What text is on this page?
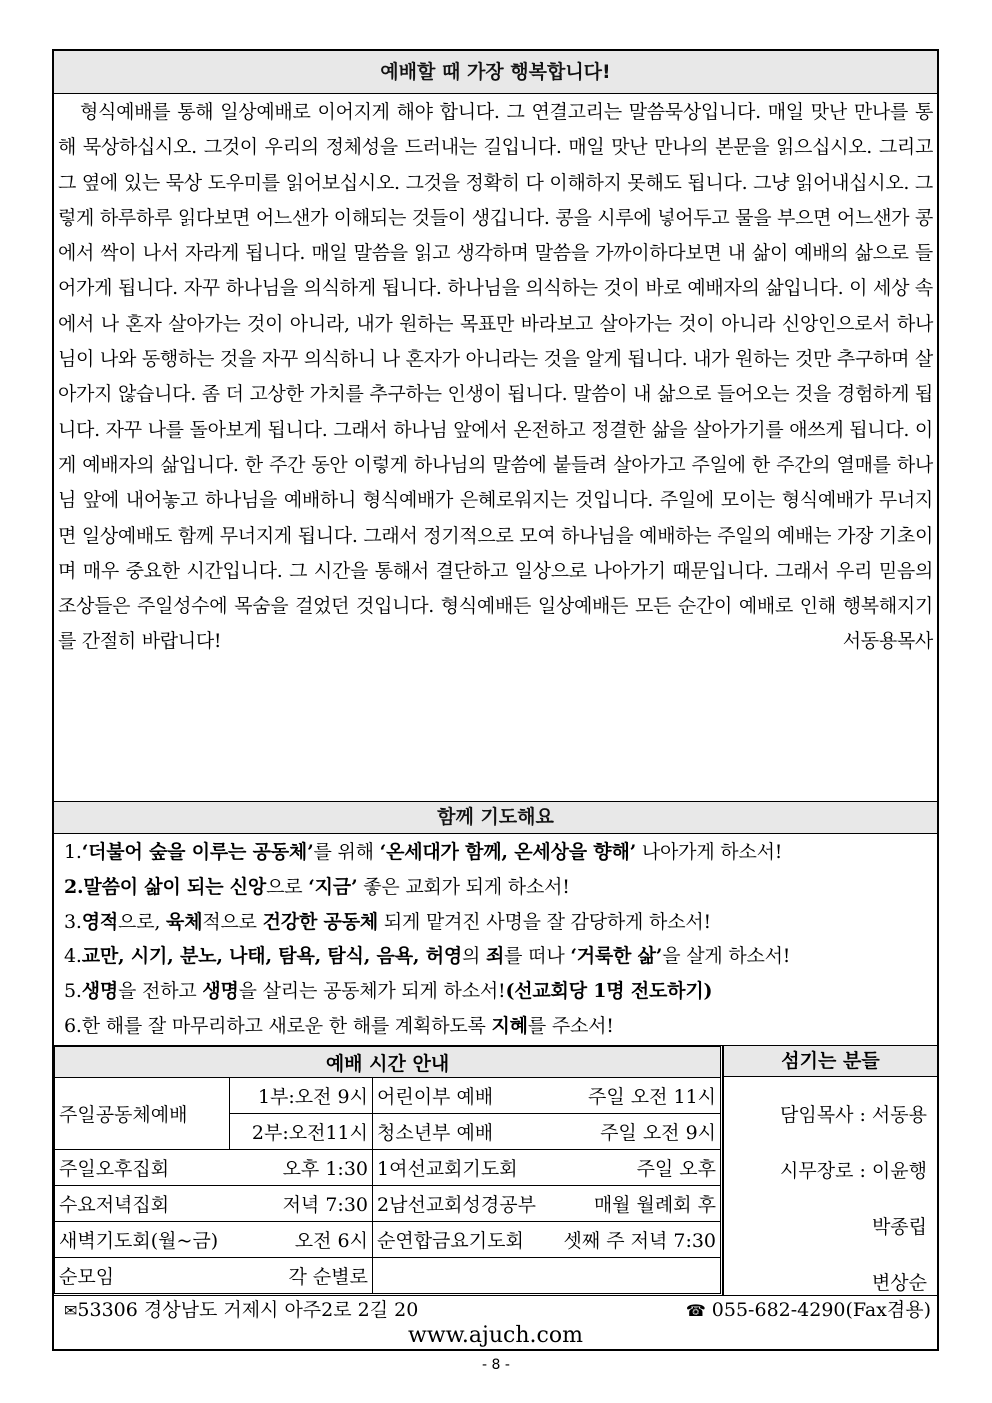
예배할 때 가장 행복합니다!

형식예배를 통해 일상예배로 이어지게 해야 합니다. 그 연결고리는 말씀묵상입니다. 매일 맛난 만나를 통해 묵상하십시오. 그것이 우리의 정체성을 드러내는 길입니다. 매일 맛난 만나의 본문을 읽으십시오. 그리고 그 옆에 있는 묵상 도우미를 읽어보십시오. 그것을 정확히 다 이해하지 못해도 됩니다. 그냥 읽어내십시오. 그렇게 하루하루 읽다보면 어느샌가 이해되는 것들이 생깁니다. 콩을 시루에 넣어두고 물을 부으면 어느샌가 콩에서 싹이 나서 자라게 됩니다. 매일 말씀을 읽고 생각하며 말씀을 가까이하다보면 내 삶이 예배의 삶으로 들어가게 됩니다. 자꾸 하나님을 의식하게 됩니다. 하나님을 의식하는 것이 바로 예배자의 삶입니다. 이 세상 속에서 나 혼자 살아가는 것이 아니라, 내가 원하는 목표만 바라보고 살아가는 것이 아니라 신앙인으로서 하나님이 나와 동행하는 것을 자꾸 의식하니 나 혼자가 아니라는 것을 알게 됩니다. 내가 원하는 것만 추구하며 살아가지 않습니다. 좀 더 고상한 가치를 추구하는 인생이 됩니다. 말씀이 내 삶으로 들어오는 것을 경험하게 됩니다. 자꾸 나를 돌아보게 됩니다. 그래서 하나님 앞에서 온전하고 정결한 삶을 살아가기를 애쓰게 됩니다. 이게 예배자의 삶입니다. 한 주간 동안 이렇게 하나님의 말씀에 붙들려 살아가고 주일에 한 주간의 열매를 하나님 앞에 내어놓고 하나님을 예배하니 형식예배가 은혜로워지는 것입니다. 주일에 모이는 형식예배가 무너지면 일상예배도 함께 무너지게 됩니다. 그래서 정기적으로 모여 하나님을 예배하는 주일의 예배는 가장 기초이며 매우 중요한 시간입니다. 그 시간을 통해서 결단하고 일상으로 나아가기 때문입니다. 그래서 우리 믿음의 조상들은 주일성수에 목숨을 걸었던 것입니다. 형식예배든 일상예배든 모든 순간이 예배로 인해 행복해지기를 간절히 바랍니다!	서동용목사

함께 기도해요
1.‘더불어 숲을 이루는 공동체’를 위해 ‘온세대가 함께, 온세상을 향해’ 나아가게 하소서!
2.말씀이 삶이 되는 신앙으로 ‘지금’ 좋은 교회가 되게 하소서!
3.영적으로, 육체적으로 건강한 공동체 되게 맡겨진 사명을 잘 감당하게 하소서!
4.교만, 시기, 분노, 나태, 탐욕, 탐식, 음욕, 허영의 죄를 떠나 ‘거룩한 삶’을 살게 하소서!
5.생명을 전하고 생명을 살리는 공동체가 되게 하소서!(선교회당 1명 전도하기)
6.한 해를 잘 마무리하고 새로운 한 해를 계획하도록 지혜를 주소서!
예배 시간 안내		
주일공동체예배	1부:오전 9시	어린이부 예배 주일 오전 11시

	2부:오전11시	청소년부 예배 주일 오전 9시

주일오후집회 오후 1:30		1여선교회기도회 주일 오후

수요저녁집회 저녁 7:30		2남선교회성경공부 매월 월례회 후

새벽기도회(월~금) 오전 6시		순연합금요기도회 셋째 주 저녁 7:30

순모임 각 순별로		

섬기는 분들
담임목사 : 서동용
시무장로 : 이윤행
박종립
변상순
✉53306 경상남도 거제시 아주2로 2길 20	☎ 055-682-4290(Fax겸용)
www.ajuch.com
- 8 -
